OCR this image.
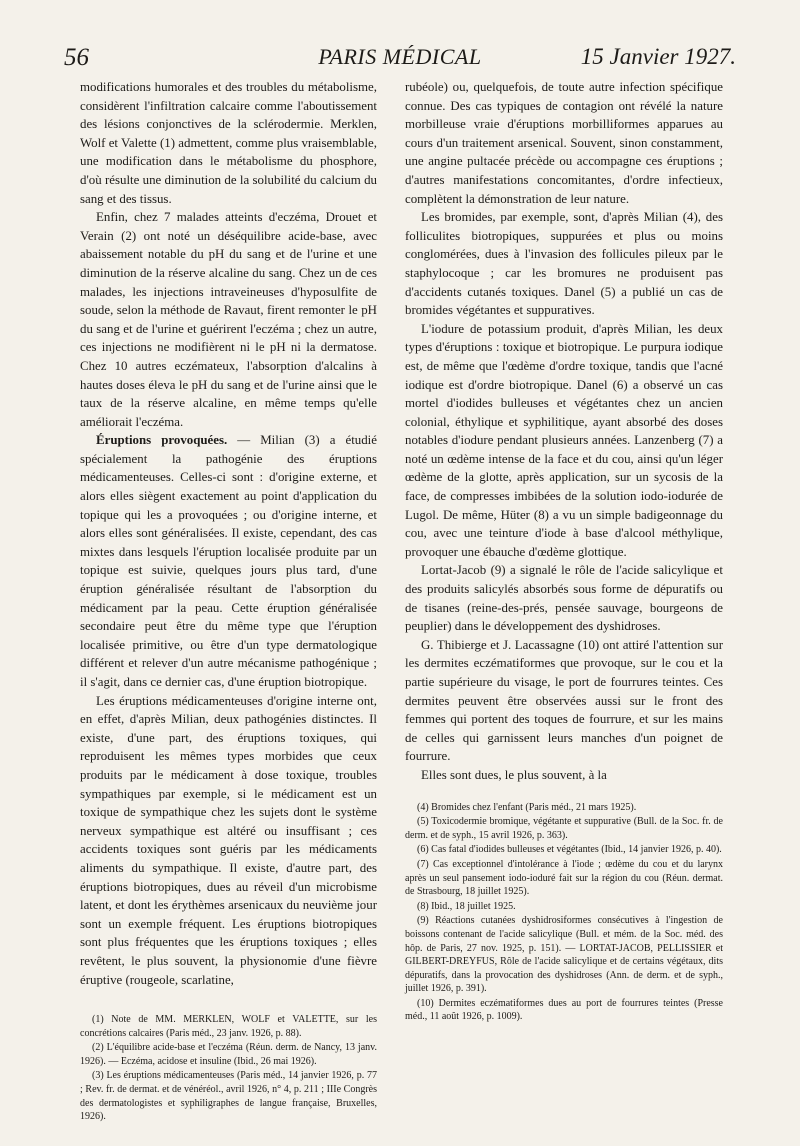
56	PARIS MÉDICAL	15 Janvier 1927.

modifications humorales et des troubles du métabolisme, considèrent l'infiltration calcaire comme l'aboutissement des lésions conjonctives de la sclérodermie. Merklen, Wolf et Valette (1) admettent, comme plus vraisemblable, une modification dans le métabolisme du phosphore, d'où résulte une diminution de la solubilité du calcium du sang et des tissus.

Enfin, chez 7 malades atteints d'eczéma, Drouet et Verain (2) ont noté un déséquilibre acide-base, avec abaissement notable du pH du sang et de l'urine et une diminution de la réserve alcaline du sang. Chez un de ces malades, les injections intraveineuses d'hyposulfite de soude, selon la méthode de Ravaut, firent remonter le pH du sang et de l'urine et guérirent l'eczéma ; chez un autre, ces injections ne modifièrent ni le pH ni la dermatose. Chez 10 autres eczémateux, l'absorption d'alcalins à hautes doses éleva le pH du sang et de l'urine ainsi que le taux de la réserve alcaline, en même temps qu'elle améliorait l'eczéma.

Éruptions provoquées. — Milian (3) a étudié spécialement la pathogénie des éruptions médicamenteuses. Celles-ci sont : d'origine externe, et alors elles siègent exactement au point d'application du topique qui les a provoquées ; ou d'origine interne, et alors elles sont généralisées. Il existe, cependant, des cas mixtes dans lesquels l'éruption localisée produite par un topique est suivie, quelques jours plus tard, d'une éruption généralisée résultant de l'absorption du médicament par la peau. Cette éruption généralisée secondaire peut être du même type que l'éruption localisée primitive, ou être d'un type dermatologique différent et relever d'un autre mécanisme pathogénique ; il s'agit, dans ce dernier cas, d'une éruption biotropique.

Les éruptions médicamenteuses d'origine interne ont, en effet, d'après Milian, deux pathogénies distinctes. Il existe, d'une part, des éruptions toxiques, qui reproduisent les mêmes types morbides que ceux produits par le médicament à dose toxique, troubles sympathiques par exemple, si le médicament est un toxique de sympathique chez les sujets dont le système nerveux sympathique est altéré ou insuffisant ; ces accidents toxiques sont guéris par les médicaments aliments du sympathique. Il existe, d'autre part, des éruptions biotropiques, dues au réveil d'un microbisme latent, et dont les érythèmes arsenicaux du neuvième jour sont un exemple fréquent. Les éruptions biotropiques sont plus fréquentes que les éruptions toxiques ; elles revêtent, le plus souvent, la physionomie d'une fièvre éruptive (rougeole, scarlatine,

(1) Note de MM. MERKLEN, WOLF et VALETTE, sur les concrétions calcaires (Paris méd., 23 janv. 1926, p. 88).

(2) L'équilibre acide-base et l'eczéma (Réun. derm. de Nancy, 13 janv. 1926). — Eczéma, acidose et insuline (Ibid., 26 mai 1926).

(3) Les éruptions médicamenteuses (Paris méd., 14 janvier 1926, p. 77 ; Rev. fr. de dermat. et de vénéréol., avril 1926, n° 4, p. 211 ; IIIe Congrès des dermatologistes et syphiligraphes de langue française, Bruxelles, 1926).

rubéole) ou, quelquefois, de toute autre infection spécifique connue. Des cas typiques de contagion ont révélé la nature morbilleuse vraie d'éruptions morbilliformes apparues au cours d'un traitement arsenical. Souvent, sinon constamment, une angine pultacée précède ou accompagne ces éruptions ; d'autres manifestations concomitantes, d'ordre infectieux, complètent la démonstration de leur nature.

Les bromides, par exemple, sont, d'après Milian (4), des folliculites biotropiques, suppurées et plus ou moins conglomérées, dues à l'invasion des follicules pileux par le staphylocoque ; car les bromures ne produisent pas d'accidents cutanés toxiques. Danel (5) a publié un cas de bromides végétantes et suppuratives.

L'iodure de potassium produit, d'après Milian, les deux types d'éruptions : toxique et biotropique. Le purpura iodique est, de même que l'œdème d'ordre toxique, tandis que l'acné iodique est d'ordre biotropique. Danel (6) a observé un cas mortel d'iodides bulleuses et végétantes chez un ancien colonial, éthylique et syphilitique, ayant absorbé des doses notables d'iodure pendant plusieurs années. Lanzenberg (7) a noté un œdème intense de la face et du cou, ainsi qu'un léger œdème de la glotte, après application, sur un sycosis de la face, de compresses imbibées de la solution iodo-iodurée de Lugol. De même, Hüter (8) a vu un simple badigeonnage du cou, avec une teinture d'iode à base d'alcool méthylique, provoquer une ébauche d'œdème glottique.

Lortat-Jacob (9) a signalé le rôle de l'acide salicylique et des produits salicylés absorbés sous forme de dépuratifs ou de tisanes (reine-des-prés, pensée sauvage, bourgeons de peuplier) dans le développement des dyshidroses.

G. Thibierge et J. Lacassagne (10) ont attiré l'attention sur les dermites eczématiformes que provoque, sur le cou et la partie supérieure du visage, le port de fourrures teintes. Ces dermites peuvent être observées aussi sur le front des femmes qui portent des toques de fourrure, et sur les mains de celles qui garnissent leurs manches d'un poignet de fourrure.

Elles sont dues, le plus souvent, à la

(4) Bromides chez l'enfant (Paris méd., 21 mars 1925).

(5) Toxicodermie bromique, végétante et suppurative (Bull. de la Soc. fr. de derm. et de syph., 15 avril 1926, p. 363).

(6) Cas fatal d'iodides bulleuses et végétantes (Ibid., 14 janvier 1926, p. 40).

(7) Cas exceptionnel d'intolérance à l'iode ; œdème du cou et du larynx après un seul pansement iodo-ioduré fait sur la région du cou (Réun. dermat. de Strasbourg, 18 juillet 1925).

(8) Ibid., 18 juillet 1925.

(9) Réactions cutanées dyshidrosiformes consécutives à l'ingestion de boissons contenant de l'acide salicylique (Bull. et mém. de la Soc. méd. des hôp. de Paris, 27 nov. 1925, p. 151). — LORTAT-JACOB, PELLISSIER et GILBERT-DREYFUS, Rôle de l'acide salicylique et de certains végétaux, dits dépuratifs, dans la provocation des dyshidroses (Ann. de derm. et de syph., juillet 1926, p. 391).

(10) Dermites eczématiformes dues au port de fourrures teintes (Presse méd., 11 août 1926, p. 1009).
